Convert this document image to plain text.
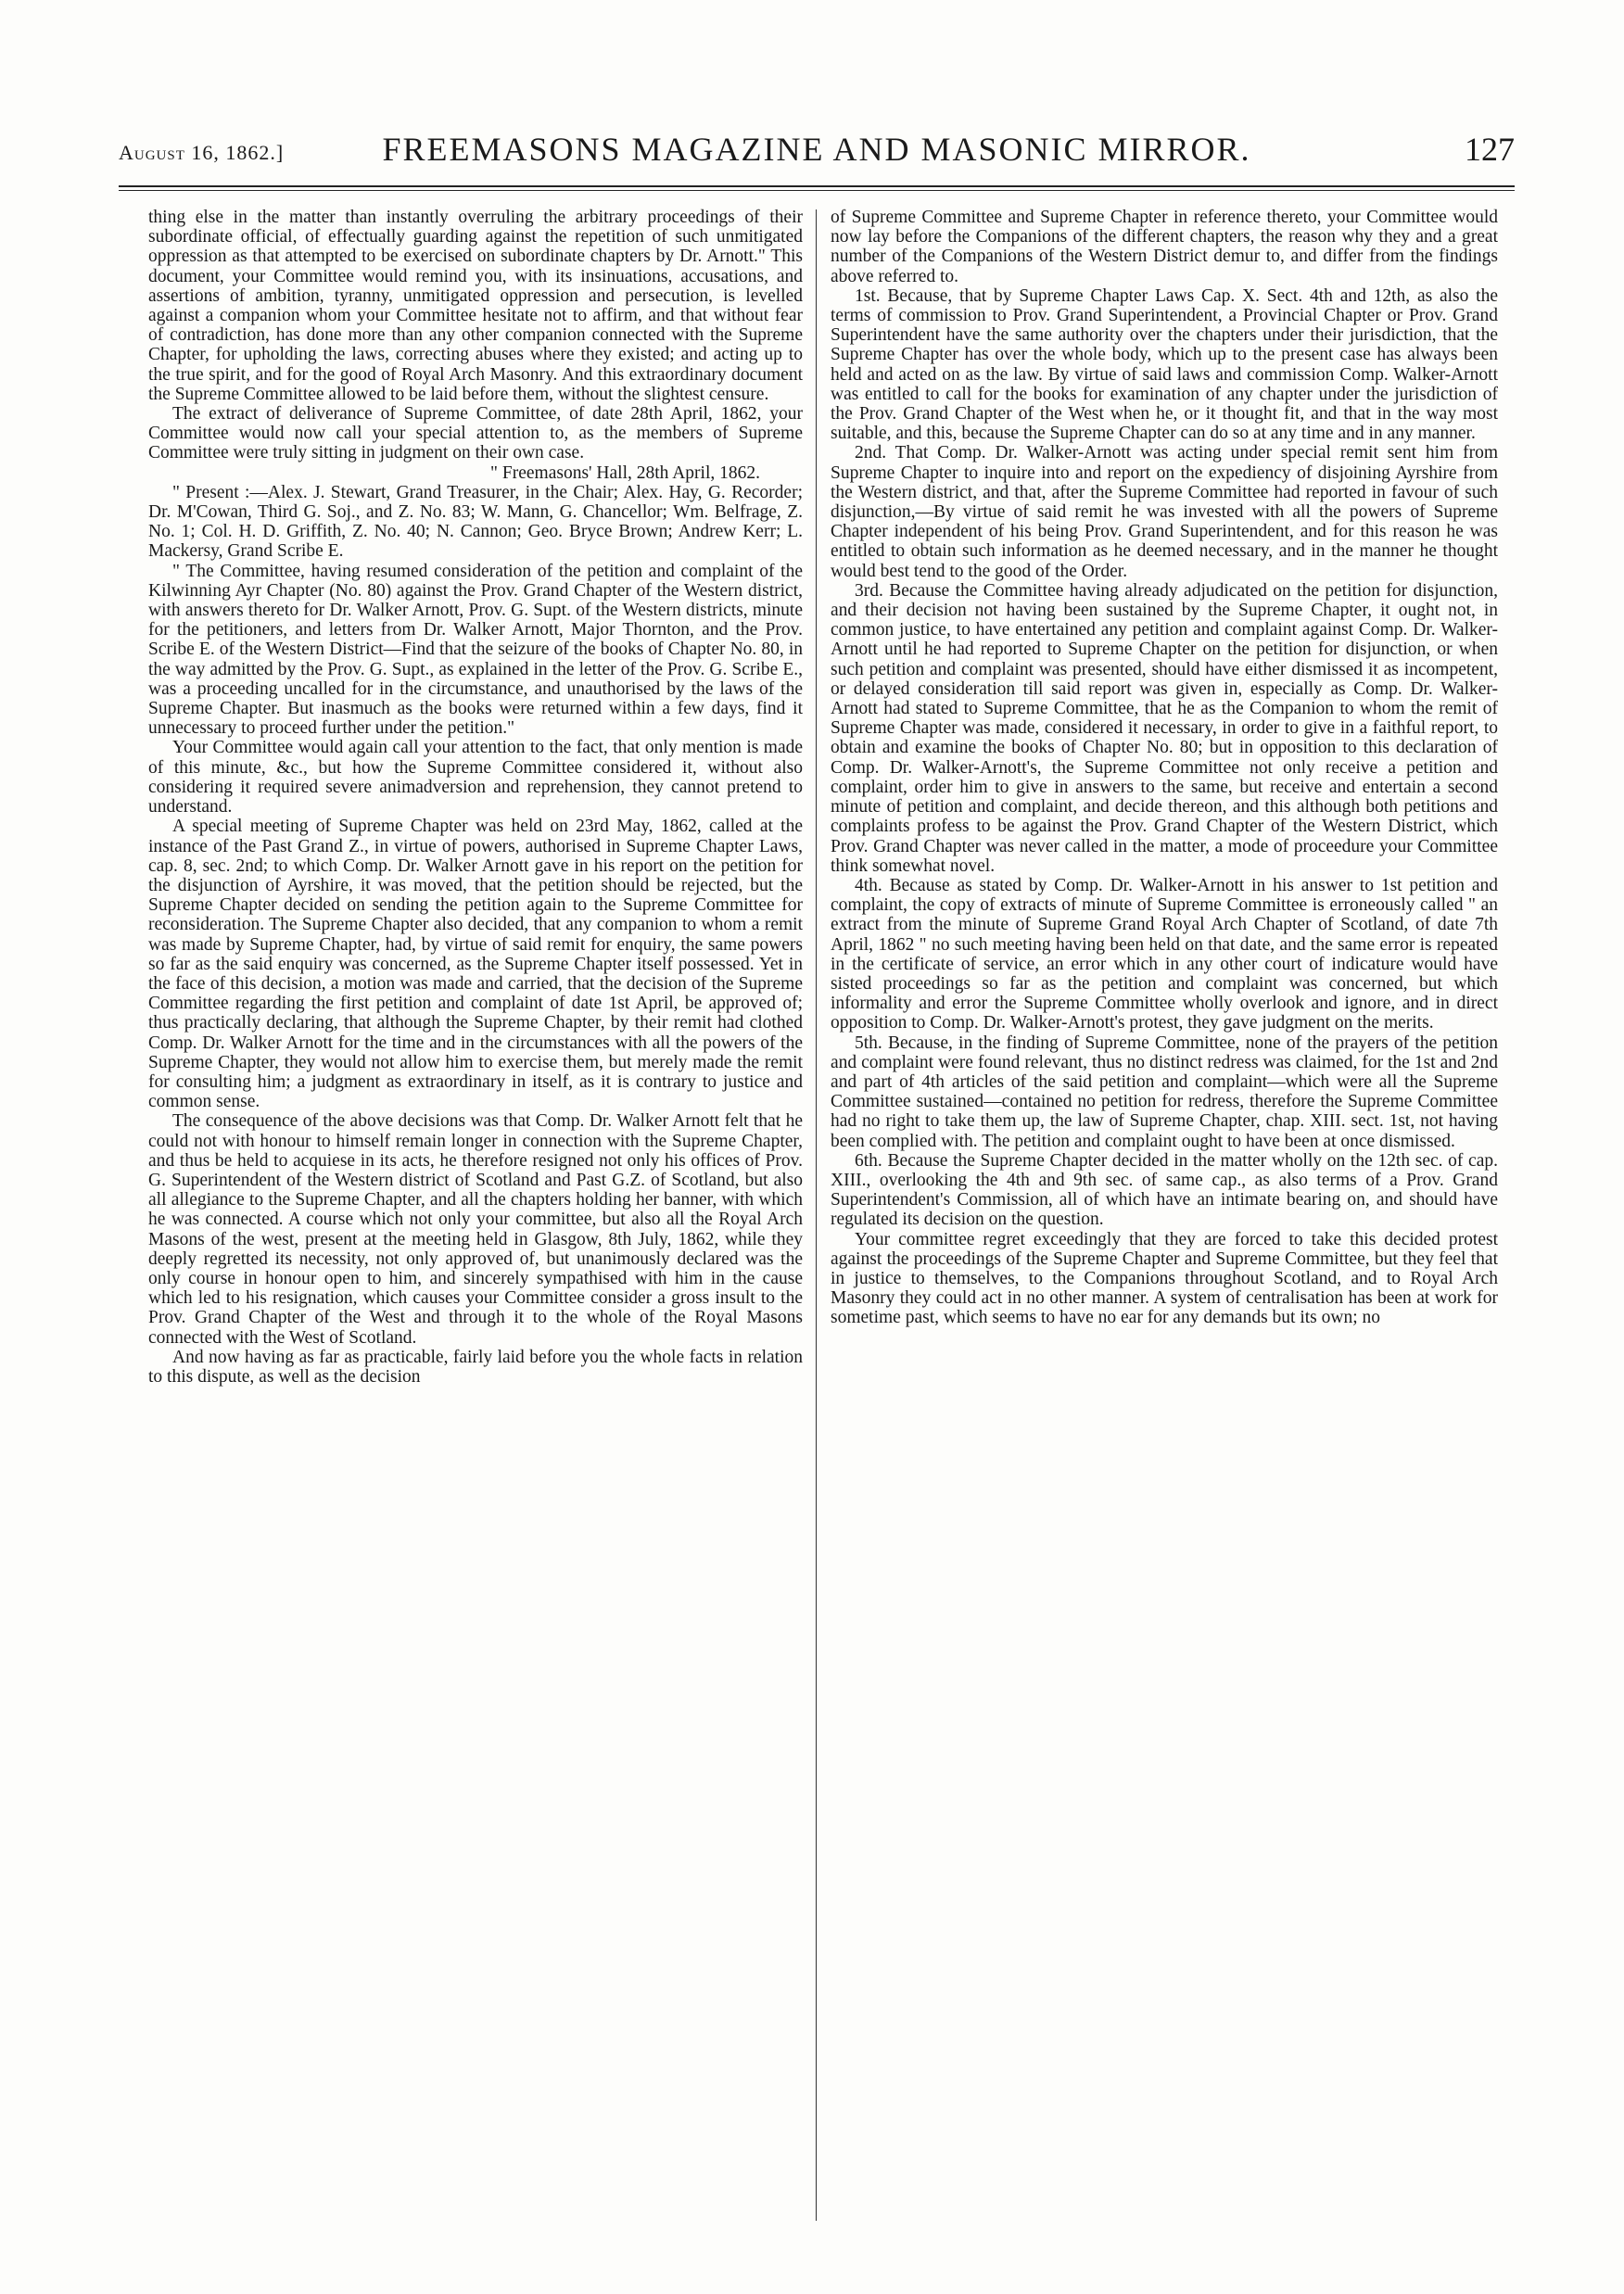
August 16, 1862.]	FREEMASONS MAGAZINE AND MASONIC MIRROR.	127

thing else in the matter than instantly overruling the arbitrary proceedings of their subordinate official, of effectually guarding against the repetition of such unmitigated oppression as that attempted to be exercised on subordinate chapters by Dr. Arnott." This document, your Committee would remind you, with its insinuations, accusations, and assertions of ambition, tyranny, unmitigated oppression and persecution, is levelled against a companion whom your Committee hesitate not to affirm, and that without fear of contradiction, has done more than any other companion connected with the Supreme Chapter, for upholding the laws, correcting abuses where they existed; and acting up to the true spirit, and for the good of Royal Arch Masonry. And this extraordinary document the Supreme Committee allowed to be laid before them, without the slightest censure.

The extract of deliverance of Supreme Committee, of date 28th April, 1862, your Committee would now call your special attention to, as the members of Supreme Committee were truly sitting in judgment on their own case.

" Freemasons' Hall, 28th April, 1862.

" Present :—Alex. J. Stewart, Grand Treasurer, in the Chair; Alex. Hay, G. Recorder; Dr. M'Cowan, Third G. Soj., and Z. No. 83; W. Mann, G. Chancellor; Wm. Belfrage, Z. No. 1; Col. H. D. Griffith, Z. No. 40; N. Cannon; Geo. Bryce Brown; Andrew Kerr; L. Mackersy, Grand Scribe E.

" The Committee, having resumed consideration of the petition and complaint of the Kilwinning Ayr Chapter (No. 80) against the Prov. Grand Chapter of the Western district, with answers thereto for Dr. Walker Arnott, Prov. G. Supt. of the Western districts, minute for the petitioners, and letters from Dr. Walker Arnott, Major Thornton, and the Prov. Scribe E. of the Western District—Find that the seizure of the books of Chapter No. 80, in the way admitted by the Prov. G. Supt., as explained in the letter of the Prov. G. Scribe E., was a proceeding uncalled for in the circumstance, and unauthorised by the laws of the Supreme Chapter. But inasmuch as the books were returned within a few days, find it unnecessary to proceed further under the petition."

Your Committee would again call your attention to the fact, that only mention is made of this minute, &c., but how the Supreme Committee considered it, without also considering it required severe animadversion and reprehension, they cannot pretend to understand.

A special meeting of Supreme Chapter was held on 23rd May, 1862, called at the instance of the Past Grand Z., in virtue of powers, authorised in Supreme Chapter Laws, cap. 8, sec. 2nd; to which Comp. Dr. Walker Arnott gave in his report on the petition for the disjunction of Ayrshire, it was moved, that the petition should be rejected, but the Supreme Chapter decided on sending the petition again to the Supreme Committee for reconsideration. The Supreme Chapter also decided, that any companion to whom a remit was made by Supreme Chapter, had, by virtue of said remit for enquiry, the same powers so far as the said enquiry was concerned, as the Supreme Chapter itself possessed. Yet in the face of this decision, a motion was made and carried, that the decision of the Supreme Committee regarding the first petition and complaint of date 1st April, be approved of; thus practically declaring, that although the Supreme Chapter, by their remit had clothed Comp. Dr. Walker Arnott for the time and in the circumstances with all the powers of the Supreme Chapter, they would not allow him to exercise them, but merely made the remit for consulting him; a judgment as extraordinary in itself, as it is contrary to justice and common sense.

The consequence of the above decisions was that Comp. Dr. Walker Arnott felt that he could not with honour to himself remain longer in connection with the Supreme Chapter, and thus be held to acquiese in its acts, he therefore resigned not only his offices of Prov. G. Superintendent of the Western district of Scotland and Past G.Z. of Scotland, but also all allegiance to the Supreme Chapter, and all the chapters holding her banner, with which he was connected. A course which not only your committee, but also all the Royal Arch Masons of the west, present at the meeting held in Glasgow, 8th July, 1862, while they deeply regretted its necessity, not only approved of, but unanimously declared was the only course in honour open to him, and sincerely sympathised with him in the cause which led to his resignation, which causes your Committee consider a gross insult to the Prov. Grand Chapter of the West and through it to the whole of the Royal Masons connected with the West of Scotland.

And now having as far as practicable, fairly laid before you the whole facts in relation to this dispute, as well as the decision

of Supreme Committee and Supreme Chapter in reference thereto, your Committee would now lay before the Companions of the different chapters, the reason why they and a great number of the Companions of the Western District demur to, and differ from the findings above referred to.

1st. Because, that by Supreme Chapter Laws Cap. X. Sect. 4th and 12th, as also the terms of commission to Prov. Grand Superintendent, a Provincial Chapter or Prov. Grand Superintendent have the same authority over the chapters under their jurisdiction, that the Supreme Chapter has over the whole body, which up to the present case has always been held and acted on as the law. By virtue of said laws and commission Comp. Walker-Arnott was entitled to call for the books for examination of any chapter under the jurisdiction of the Prov. Grand Chapter of the West when he, or it thought fit, and that in the way most suitable, and this, because the Supreme Chapter can do so at any time and in any manner.

2nd. That Comp. Dr. Walker-Arnott was acting under special remit sent him from Supreme Chapter to inquire into and report on the expediency of disjoining Ayrshire from the Western district, and that, after the Supreme Committee had reported in favour of such disjunction,—By virtue of said remit he was invested with all the powers of Supreme Chapter independent of his being Prov. Grand Superintendent, and for this reason he was entitled to obtain such information as he deemed necessary, and in the manner he thought would best tend to the good of the Order.

3rd. Because the Committee having already adjudicated on the petition for disjunction, and their decision not having been sustained by the Supreme Chapter, it ought not, in common justice, to have entertained any petition and complaint against Comp. Dr. Walker-Arnott until he had reported to Supreme Chapter on the petition for disjunction, or when such petition and complaint was presented, should have either dismissed it as incompetent, or delayed consideration till said report was given in, especially as Comp. Dr. Walker-Arnott had stated to Supreme Committee, that he as the Companion to whom the remit of Supreme Chapter was made, considered it necessary, in order to give in a faithful report, to obtain and examine the books of Chapter No. 80; but in opposition to this declaration of Comp. Dr. Walker-Arnott's, the Supreme Committee not only receive a petition and complaint, order him to give in answers to the same, but receive and entertain a second minute of petition and complaint, and decide thereon, and this although both petitions and complaints profess to be against the Prov. Grand Chapter of the Western District, which Prov. Grand Chapter was never called in the matter, a mode of proceedure your Committee think somewhat novel.

4th. Because as stated by Comp. Dr. Walker-Arnott in his answer to 1st petition and complaint, the copy of extracts of minute of Supreme Committee is erroneously called " an extract from the minute of Supreme Grand Royal Arch Chapter of Scotland, of date 7th April, 1862 " no such meeting having been held on that date, and the same error is repeated in the certificate of service, an error which in any other court of indicature would have sisted proceedings so far as the petition and complaint was concerned, but which informality and error the Supreme Committee wholly overlook and ignore, and in direct opposition to Comp. Dr. Walker-Arnott's protest, they gave judgment on the merits.

5th. Because, in the finding of Supreme Committee, none of the prayers of the petition and complaint were found relevant, thus no distinct redress was claimed, for the 1st and 2nd and part of 4th articles of the said petition and complaint—which were all the Supreme Committee sustained—contained no petition for redress, therefore the Supreme Committee had no right to take them up, the law of Supreme Chapter, chap. XIII. sect. 1st, not having been complied with. The petition and complaint ought to have been at once dismissed.

6th. Because the Supreme Chapter decided in the matter wholly on the 12th sec. of cap. XIII., overlooking the 4th and 9th sec. of same cap., as also terms of a Prov. Grand Superintendent's Commission, all of which have an intimate bearing on, and should have regulated its decision on the question.

Your committee regret exceedingly that they are forced to take this decided protest against the proceedings of the Supreme Chapter and Supreme Committee, but they feel that in justice to themselves, to the Companions throughout Scotland, and to Royal Arch Masonry they could act in no other manner. A system of centralisation has been at work for sometime past, which seems to have no ear for any demands but its own; no
